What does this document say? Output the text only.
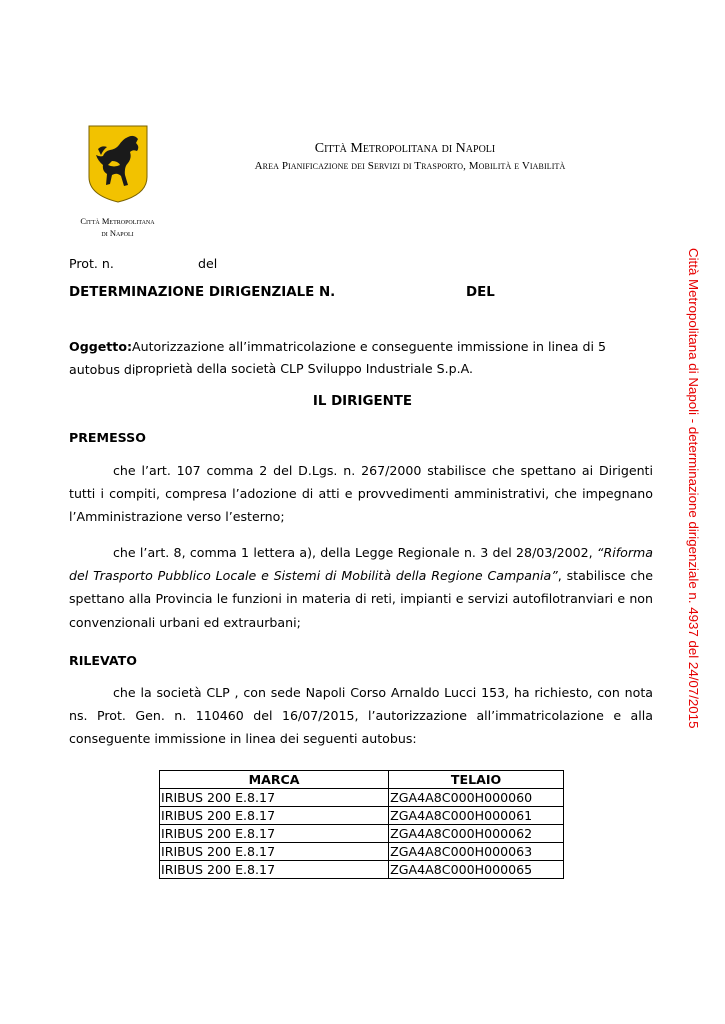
Città Metropolitana di Napoli
Area Pianificazione dei Servizi di Trasporto, Mobilità e Viabilità
Città Metropolitana
di Napoli
Prot. n.	del
DETERMINAZIONE DIRIGENZIALE N.	DEL
Oggetto:Autorizzazione all’immatricolazione e conseguente immissione in linea di 5 autobus di proprietà della società CLP Sviluppo Industriale S.p.A.
IL DIRIGENTE
PREMESSO
che l’art. 107 comma 2 del D.Lgs. n. 267/2000 stabilisce che spettano ai Dirigenti tutti i compiti, compresa l’adozione di atti e provvedimenti amministrativi, che impegnano l’Amministrazione verso l’esterno;
che l’art. 8, comma 1 lettera a), della Legge Regionale n. 3 del 28/03/2002, “Riforma del Trasporto Pubblico Locale e Sistemi di Mobilità della Regione Campania”, stabilisce che spettano alla Provincia le funzioni in materia di reti, impianti e servizi autofilotranviari e non convenzionali urbani ed extraurbani;
RILEVATO
che la società CLP , con sede Napoli Corso Arnaldo Lucci 153, ha richiesto, con nota ns. Prot. Gen. n. 110460 del 16/07/2015, l’autorizzazione all’immatricolazione e alla conseguente immissione in linea dei seguenti autobus:
MARCA	TELAIO
IRIBUS 200 E.8.17	ZGA4A8C000H000060
IRIBUS 200 E.8.17	ZGA4A8C000H000061
IRIBUS 200 E.8.17	ZGA4A8C000H000062
IRIBUS 200 E.8.17	ZGA4A8C000H000063
IRIBUS 200 E.8.17	ZGA4A8C000H000065
Città Metropolitana di Napoli - determinazione dirigenziale n. 4937 del 24/07/2015
